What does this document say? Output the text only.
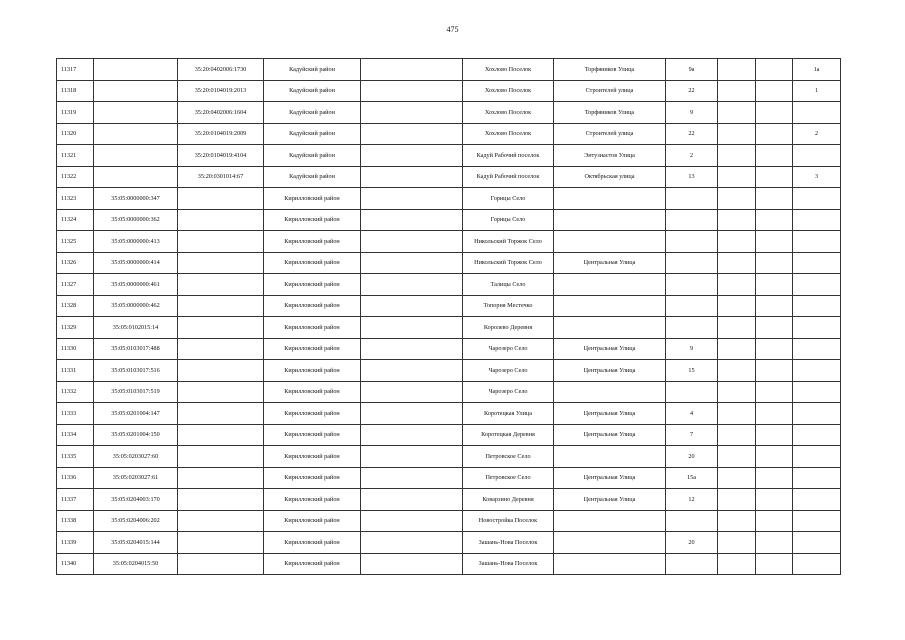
475
11317		35:20:0402006:1730	Кадуйский район		Хохлово Поселок	Торфяников Улица	9а			1а
11318		35:20:0104019:2013	Кадуйский район		Хохлово Поселок	Строителей улица	22			1
11319		35:20:0402006:1604	Кадуйский район		Хохлово Поселок	Торфяников Улица	9			
11320		35:20:0104019:2009	Кадуйский район		Хохлово Поселок	Строителей улица	22			2
11321		35:20:0104019:4104	Кадуйский район		Кадуй Рабочий поселок	Энтузиастов Улица	2			
11322		35:20:0301014:67	Кадуйский район		Кадуй Рабочий поселок	Октябрьская улица	13			3
11323	35:05:0000000:347		Кирилловский район		Горицы Село					
11324	35:05:0000000:362		Кирилловский район		Горицы Село					
11325	35:05:0000000:413		Кирилловский район		Никольский Торжок Село					
11326	35:05:0000000:414		Кирилловский район		Никольский Торжок Село	Центральная Улица				
11327	35:05:0000000:461		Кирилловский район		Талицы Село					
11328	35:05:0000000:462		Кирилловский район		Топорня Местечко					
11329	35:05:0102015:14		Кирилловский район		Королево Деревня					
11330	35:05:0103017:488		Кирилловский район		Чарозеро Село	Центральная Улица	9			
11331	35:05:0103017:516		Кирилловский район		Чарозеро Село	Центральная Улица	15			
11332	35:05:0103017:519		Кирилловский район		Чарозеро Село					
11333	35:05:0201004:147		Кирилловский район		Коротецкая Улица	Центральная Улица	4			
11334	35:05:0201004:150		Кирилловский район		Коротецкая Деревня	Центральная Улица	7			
11335	35:05:0203027:60		Кирилловский район		Петровское Село		20			
11336	35:05:0203027:61		Кирилловский район		Петровское Село	Центральная Улица	15а			
11337	35:05:0204003:170		Кирилловский район		Коварзино Деревня	Центральная Улица	12			
11338	35:05:0204006:202		Кирилловский район		Новостройка Поселок					
11339	35:05:0204015:144		Кирилловский район		Зашань-Нова Поселок		20			
11340	35:05:0204015:50		Кирилловский район		Зашань-Нова Поселок					
